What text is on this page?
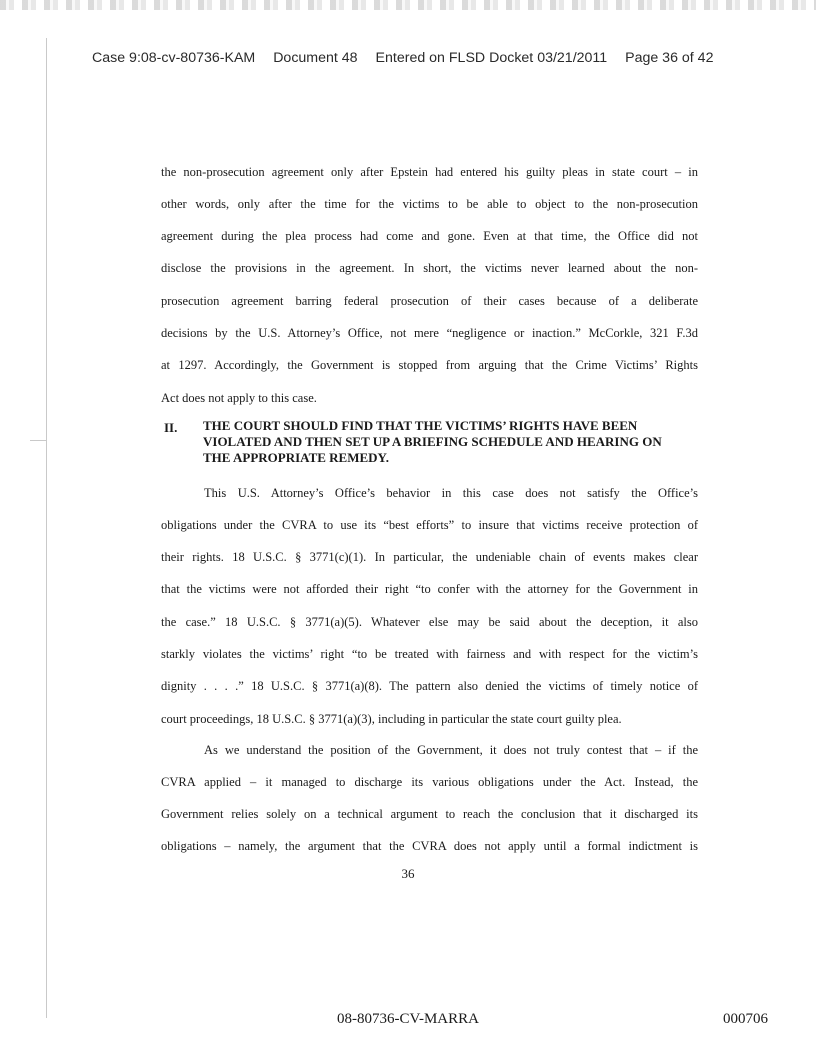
Case 9:08-cv-80736-KAM Document 48 Entered on FLSD Docket 03/21/2011 Page 36 of 42
the non-prosecution agreement only after Epstein had entered his guilty pleas in state court – in
other words, only after the time for the victims to be able to object to the non-prosecution
agreement during the plea process had come and gone. Even at that time, the Office did not
disclose the provisions in the agreement. In short, the victims never learned about the non-
prosecution agreement barring federal prosecution of their cases because of a deliberate
decisions by the U.S. Attorney’s Office, not mere “negligence or inaction.” McCorkle, 321 F.3d
at 1297. Accordingly, the Government is stopped from arguing that the Crime Victims’ Rights
Act does not apply to this case.
II. THE COURT SHOULD FIND THAT THE VICTIMS’ RIGHTS HAVE BEEN
VIOLATED AND THEN SET UP A BRIEFING SCHEDULE AND HEARING ON
THE APPROPRIATE REMEDY.
This U.S. Attorney’s Office’s behavior in this case does not satisfy the Office’s
obligations under the CVRA to use its “best efforts” to insure that victims receive protection of
their rights. 18 U.S.C. § 3771(c)(1). In particular, the undeniable chain of events makes clear
that the victims were not afforded their right “to confer with the attorney for the Government in
the case.” 18 U.S.C. § 3771(a)(5). Whatever else may be said about the deception, it also
starkly violates the victims’ right “to be treated with fairness and with respect for the victim’s
dignity . . . .” 18 U.S.C. § 3771(a)(8). The pattern also denied the victims of timely notice of
court proceedings, 18 U.S.C. § 3771(a)(3), including in particular the state court guilty plea.
As we understand the position of the Government, it does not truly contest that – if the
CVRA applied – it managed to discharge its various obligations under the Act. Instead, the
Government relies solely on a technical argument to reach the conclusion that it discharged its
obligations – namely, the argument that the CVRA does not apply until a formal indictment is
36
08-80736-CV-MARRA	000706
